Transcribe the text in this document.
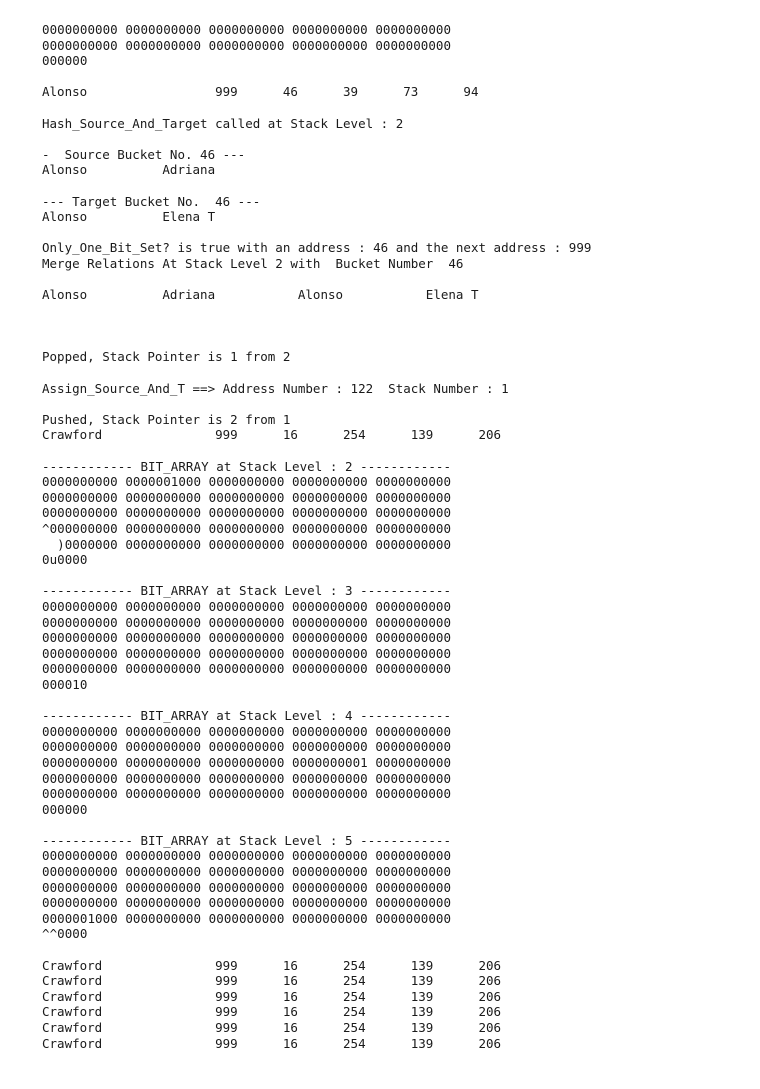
0000000000 0000000000 0000000000 0000000000 0000000000
0000000000 0000000000 0000000000 0000000000 0000000000
000000
Alonso                 999      46      39      73      94
Hash_Source_And_Target called at Stack Level : 2
-  Source Bucket No. 46 ---
Alonso          Adriana
--- Target Bucket No.  46 ---
Alonso          Elena T
Only_One_Bit_Set? is true with an address : 46 and the next address : 999
Merge Relations At Stack Level 2 with  Bucket Number  46
Alonso          Adriana           Alonso           Elena T
Popped, Stack Pointer is 1 from 2
Assign_Source_And_T ==> Address Number : 122  Stack Number : 1
Pushed, Stack Pointer is 2 from 1
Crawford               999      16      254      139      206
------------ BIT_ARRAY at Stack Level : 2 ------------
0000000000 0000001000 0000000000 0000000000 0000000000
0000000000 0000000000 0000000000 0000000000 0000000000
0000000000 0000000000 0000000000 0000000000 0000000000
^000000000 0000000000 0000000000 0000000000 0000000000
)0000000 0000000000 0000000000 0000000000 0000000000
0u0000
------------ BIT_ARRAY at Stack Level : 3 ------------
0000000000 0000000000 0000000000 0000000000 0000000000
0000000000 0000000000 0000000000 0000000000 0000000000
0000000000 0000000000 0000000000 0000000000 0000000000
0000000000 0000000000 0000000000 0000000000 0000000000
0000000000 0000000000 0000000000 0000000000 0000000000
000010
------------ BIT_ARRAY at Stack Level : 4 ------------
0000000000 0000000000 0000000000 0000000000 0000000000
0000000000 0000000000 0000000000 0000000000 0000000000
0000000000 0000000000 0000000000 0000000001 0000000000
0000000000 0000000000 0000000000 0000000000 0000000000
0000000000 0000000000 0000000000 0000000000 0000000000
000000
------------ BIT_ARRAY at Stack Level : 5 ------------
0000000000 0000000000 0000000000 0000000000 0000000000
0000000000 0000000000 0000000000 0000000000 0000000000
0000000000 0000000000 0000000000 0000000000 0000000000
0000000000 0000000000 0000000000 0000000000 0000000000
0000001000 0000000000 0000000000 0000000000 0000000000
^^0000
Crawford               999      16      254      139      206
Crawford               999      16      254      139      206
Crawford               999      16      254      139      206
Crawford               999      16      254      139      206
Crawford               999      16      254      139      206
Crawford               999      16      254      139      206
